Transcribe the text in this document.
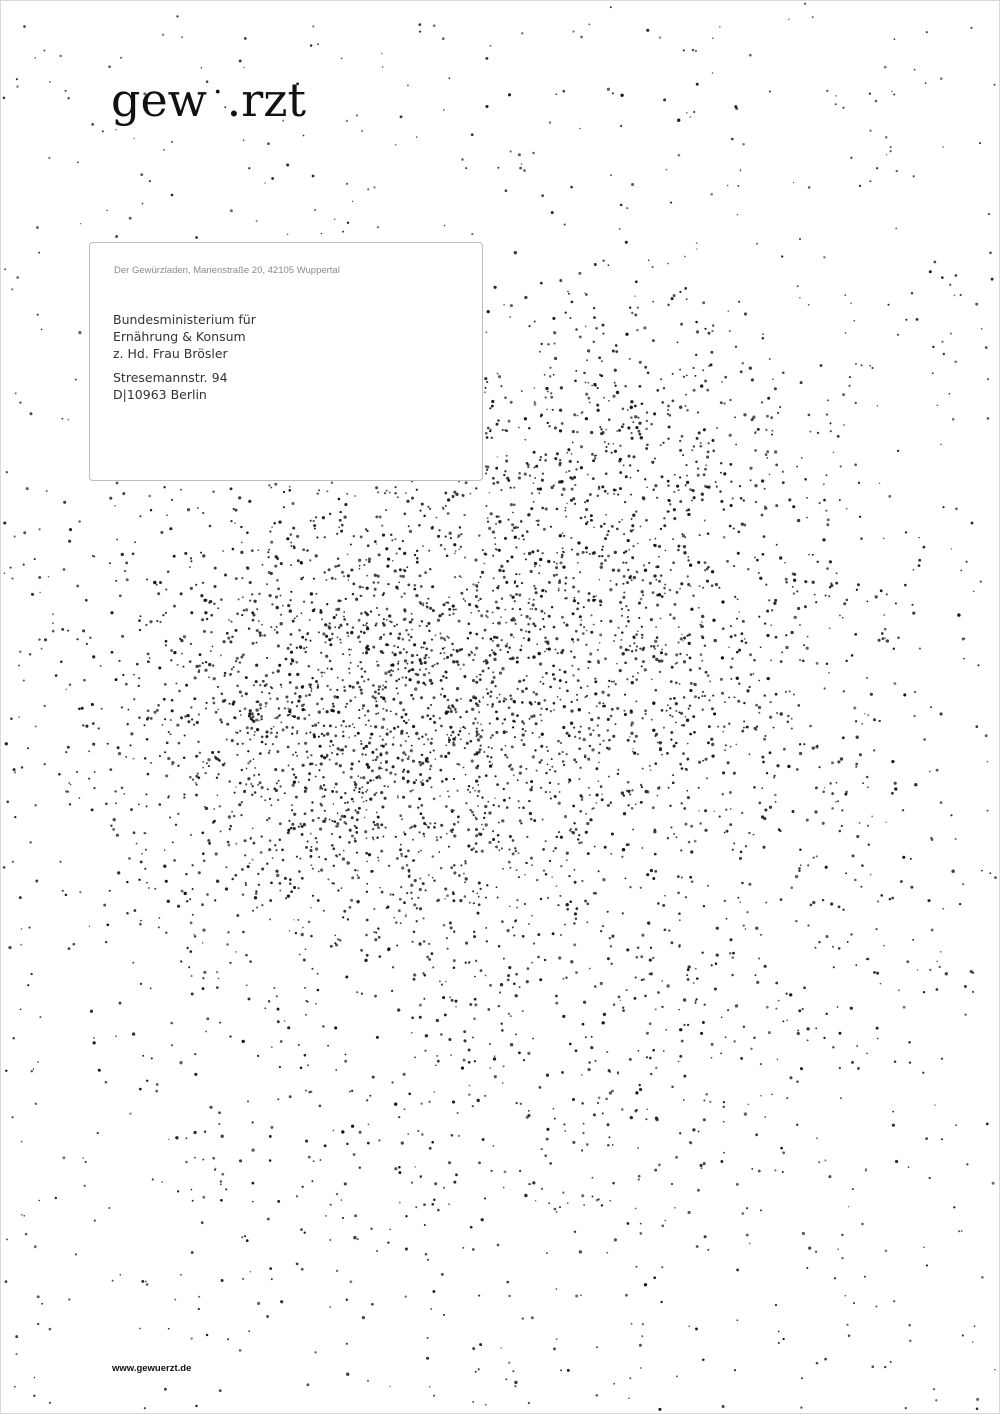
gew ·.rzt
Der Gewürzladen, Marienstraße 20, 42105 Wuppertal
Bundesministerium für
Ernährung & Konsum
z. Hd. Frau Brösler
Stresemannstr. 94
D|10963 Berlin
www.gewuerzt.de
